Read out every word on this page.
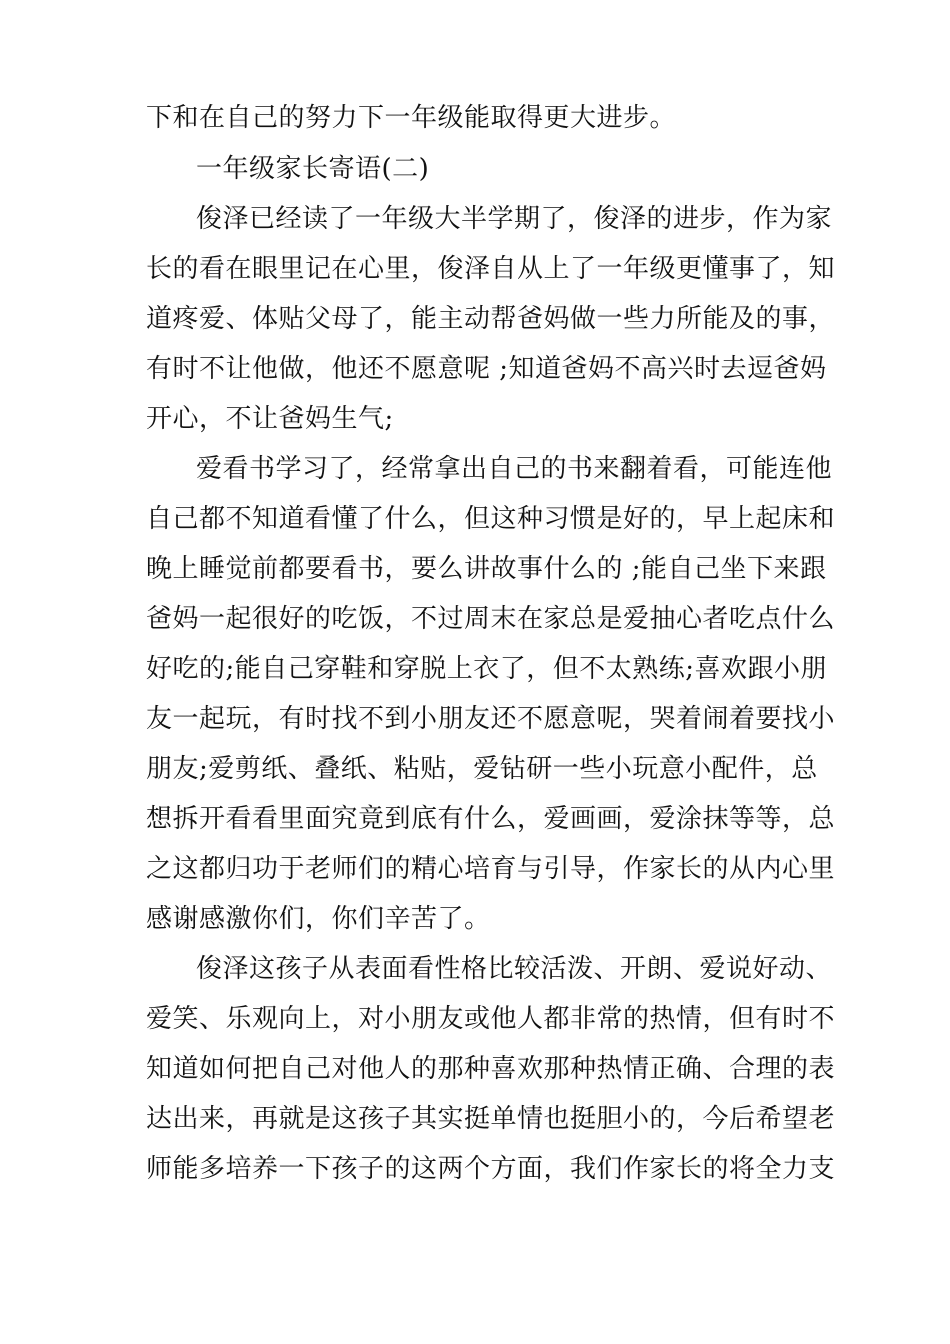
下和在自己的努力下一年级能取得更大进步。
一年级家长寄语(二)
俊泽已经读了一年级大半学期了，俊泽的进步，作为家
长的看在眼里记在心里，俊泽自从上了一年级更懂事了，知
道疼爱、体贴父母了，能主动帮爸妈做一些力所能及的事，
有时不让他做，他还不愿意呢 ;知道爸妈不高兴时去逗爸妈
开心，不让爸妈生气;
爱看书学习了，经常拿出自己的书来翻着看，可能连他
自己都不知道看懂了什么，但这种习惯是好的，早上起床和
晚上睡觉前都要看书，要么讲故事什么的 ;能自己坐下来跟
爸妈一起很好的吃饭，不过周末在家总是爱抽心者吃点什么
好吃的;能自己穿鞋和穿脱上衣了，但不太熟练;喜欢跟小朋
友一起玩，有时找不到小朋友还不愿意呢，哭着闹着要找小
朋友;爱剪纸、叠纸、粘贴，爱钻研一些小玩意小配件，总
想拆开看看里面究竟到底有什么，爱画画，爱涂抹等等，总
之这都归功于老师们的精心培育与引导，作家长的从内心里
感谢感激你们，你们辛苦了。
俊泽这孩子从表面看性格比较活泼、开朗、爱说好动、
爱笑、乐观向上，对小朋友或他人都非常的热情，但有时不
知道如何把自己对他人的那种喜欢那种热情正确、合理的表
达出来，再就是这孩子其实挺单情也挺胆小的，今后希望老
师能多培养一下孩子的这两个方面，我们作家长的将全力支
